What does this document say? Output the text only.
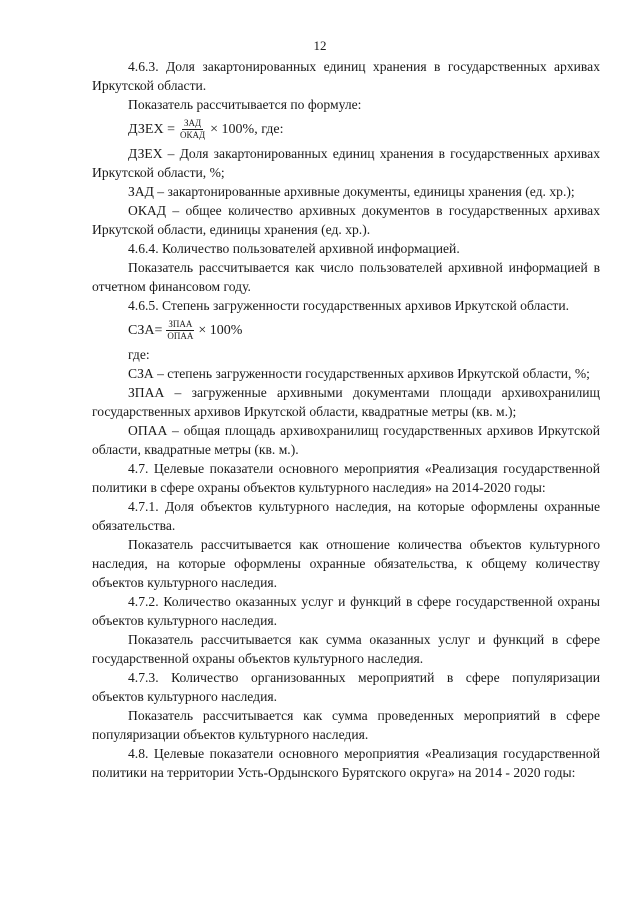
12

4.6.3. Доля закартонированных единиц хранения в государственных архивах Иркутской области.

Показатель рассчитывается по формуле:

ДЗЕХ = $\frac{\text{ЗАД}}{\text{ОКАД}} \times 100\%$, где:

ДЗЕХ – Доля закартонированных единиц хранения в государственных архивах Иркутской области, %;

ЗАД – закартонированные архивные документы, единицы хранения (ед. хр.);

ОКАД – общее количество архивных документов в государственных архивах Иркутской области, единицы хранения (ед. хр.).

4.6.4. Количество пользователей архивной информацией.

Показатель рассчитывается как число пользователей архивной информацией в отчетном финансовом году.

4.6.5. Степень загруженности государственных архивов Иркутской области.

$СЗА= \frac{\text{ЗПАА}}{\text{ОПАА}} \times 100\%$

где:

СЗА – степень загруженности государственных архивов Иркутской области, %;

ЗПАА – загруженные архивными документами площади архивохранилищ государственных архивов Иркутской области, квадратные метры (кв. м.);

ОПАА – общая площадь архивохранилищ государственных архивов Иркутской области, квадратные метры (кв. м.).

4.7. Целевые показатели основного мероприятия «Реализация государственной политики в сфере охраны объектов культурного наследия» на 2014-2020 годы:

4.7.1. Доля объектов культурного наследия, на которые оформлены охранные обязательства.

Показатель рассчитывается как отношение количества объектов культурного наследия, на которые оформлены охранные обязательства, к общему количеству объектов культурного наследия.

4.7.2. Количество оказанных услуг и функций в сфере государственной охраны объектов культурного наследия.

Показатель рассчитывается как сумма оказанных услуг и функций в сфере государственной охраны объектов культурного наследия.

4.7.3. Количество организованных мероприятий в сфере популяризации объектов культурного наследия.

Показатель рассчитывается как сумма проведенных мероприятий в сфере популяризации объектов культурного наследия.

4.8. Целевые показатели основного мероприятия «Реализация государственной политики на территории Усть-Ордынского Бурятского округа» на 2014 - 2020 годы:
